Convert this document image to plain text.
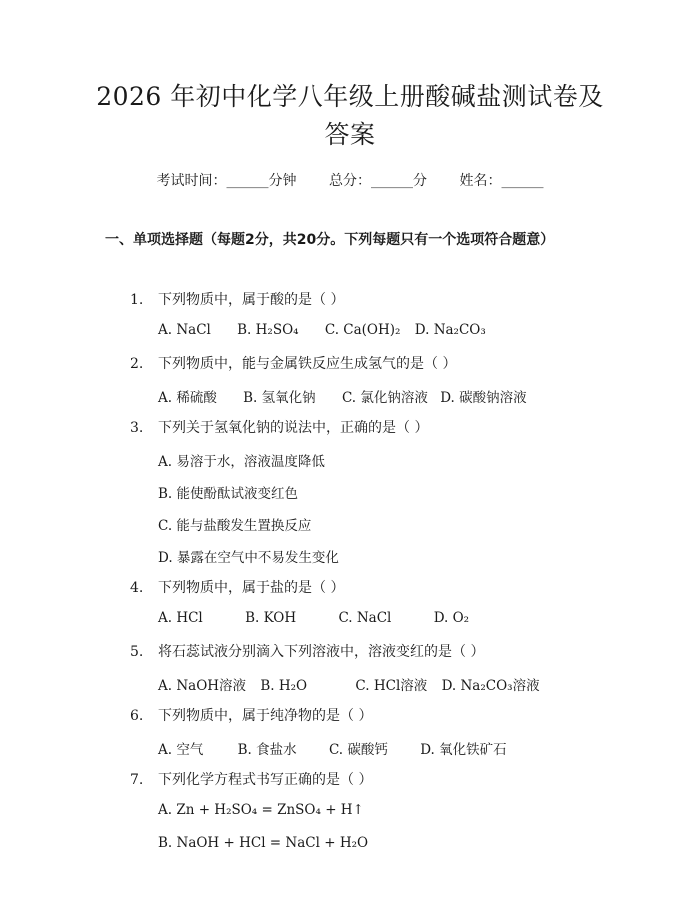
2026 年初中化学八年级上册酸碱盐测试卷及
答案
考试时间：______分钟 总分：______分 姓名：______
一、单项选择题（每题2分，共20分。下列每题只有一个选项符合题意）
1. 下列物质中，属于酸的是（ ）
A. NaCl B. H₂SO₄ C. Ca(OH)₂ D. Na₂CO₃
2. 下列物质中，能与金属铁反应生成氢气的是（ ）
A. 稀硫酸 B. 氢氧化钠 C. 氯化钠溶液 D. 碳酸钠溶液
3. 下列关于氢氧化钠的说法中，正确的是（ ）
A. 易溶于水，溶液温度降低
B. 能使酚酞试液变红色
C. 能与盐酸发生置换反应
D. 暴露在空气中不易发生变化
4. 下列物质中，属于盐的是（ ）
A. HCl	B. KOH	C. NaCl	D. O₂
5. 将石蕊试液分别滴入下列溶液中，溶液变红的是（ ）
A. NaOH溶液 B. H₂O	C. HCl溶液 D. Na₂CO₃溶液
6. 下列物质中，属于纯净物的是（ ）
A. 空气	B. 食盐水 C. 碳酸钙 D. 氧化铁矿石
7. 下列化学方程式书写正确的是（ ）
A. Zn + H₂SO₄ = ZnSO₄ + H↑
B. NaOH + HCl = NaCl + H₂O
